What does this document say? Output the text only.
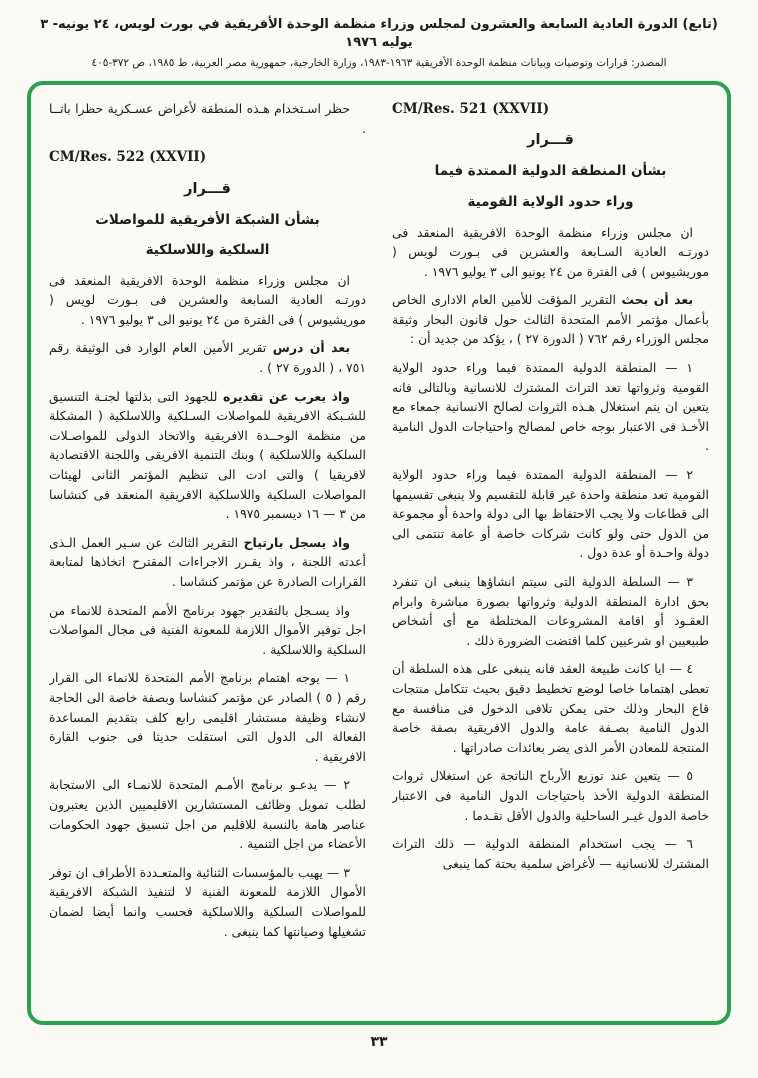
(تابع) الدورة العادية السابعة والعشرون لمجلس وزراء منظمة الوحدة الأفريقية في بورت لويس، ٢٤ يونيه- ٣ يوليه ١٩٧٦
المصدر: قرارات وتوصيات وبيانات منظمة الوحدة الأفريقية ١٩٦٣-١٩٨٣، وزارة الخارجية، جمهورية مصر العربية، ط ١٩٨٥، ص ٣٧٢-٤٠٥

CM/Res. 521 (XXVII)

قـــرار

بشأن المنطقة الدولية الممتدة فيما

وراء حدود الولاية القومية

ان مجلس وزراء منظمة الوحدة الافريقية المنعقد فى دورتـه العادية السـابعة والعشرين فى بـورت لويس ( موريشيوس ) فى الفترة من ٢٤ يونيو الى ٣ يوليو ١٩٧٦ .

بعد أن بحث التقرير المؤقت للأمين العام الادارى الخاص بأعمال مؤتمر الأمم المتحدة الثالث حول قانون البحار وثيقة مجلس الوزراء رقم ٧٦٢ ( الدورة ٢٧ ) ، يؤكد من جديد أن :

١ — المنطقة الدولية الممتدة فيما وراء حدود الولاية القومية وثرواتها تعد التراث المشترك للانسانية وبالتالى فانه يتعين ان يتم استغلال هـذه الثروات لصالح الانسانية جمعاء مع الأخـذ فى الاعتبار بوجه خاص لمصالح واحتياجات الدول النامية .

٢ — المنطقة الدولية الممتدة فيما وراء حدود الولاية القومية تعد منطقة واحدة غير قابلة للتقسيم ولا ينبغى تقسيمها الى قطاعات ولا يجب الاحتفاظ بها الى دولة واحدة أو مجموعة من الدول حتى ولو كانت شركات خاصة أو عامة تنتمى الى دولة واحـدة أو عدة دول .

٣ — السلطة الدولية التى سيتم انشاؤها ينبغى ان تنفرد بحق ادارة المنطقة الدولية وثرواتها بصورة مباشرة وابرام العقـود أو اقامة المشروعات المختلطة مع أى أشخاص طبيعيين او شرعيين كلما اقتضت الضرورة ذلك .

٤ — ايا كانت طبيعة العقد فانه ينبغى على هذه السلطة أن تعطى اهتماما خاصا لوضع تخطيط دقيق بحيث تتكامل منتجات قاع البحار وذلك حتى يمكن تلافى الدخول فى منافسة مع الدول النامية بصـفة عامة والدول الافريقية بصفة خاصة المنتجة للمعادن الأمر الذى يضر بعائدات صادراتها .

٥ — يتعين عند توزيع الأرباح الناتجة عن استغلال ثروات المنطقة الدولية الأخذ باحتياجات الدول النامية فى الاعتبار خاصة الدول غيـر الساحلية والدول الأقل تقـدما .

٦ — يجب استخدام المنطقة الدولية — ذلك التراث المشترك للانسانية — لأغراض سلمية بحتة كما ينبغى

حظر اسـتخدام هـذه المنطقة لأغراض عسـكرية حظرا باتــا .

CM/Res. 522 (XXVII)

قـــرار

بشأن الشبكة الأفريقية للمواصلات

السلكية واللاسلكية

ان مجلس وزراء منظمة الوحدة الافريقية المنعقد فى دورتـه العادية السابعة والعشرين فى بـورت لويس ( موريشيوس ) فى الفترة من ٢٤ يونيو الى ٣ يوليو ١٩٧٦ .

بعد أن درس تقرير الأمين العام الوارد فى الوثيقة رقم ٧٥١ ، ( الدورة ٢٧ ) .

واذ يعرب عن تقديره للجهود التى بذلتها لجنـة التنسيق للشـبكة الافريقية للمواصلات السـلكية واللاسلكية ( المشكلة من منظمة الوحــدة الافريقية والاتحاد الدولى للمواصـلات السلكية واللاسلكية ) وبنك التنمية الافريقى واللجنة الاقتصادية لافريقيا ) والتى ادت الى تنظيم المؤتمر الثانى لهيئات المواصلات السلكية واللاسلكية الافريقية المنعقد فى كنشاسا من ٣ — ١٦ ديسمبر ١٩٧٥ .

واذ يسجل بارتياح التقرير الثالث عن سـير العمل الـذى أعدته اللجنة ، واذ يقـرر الاجراءات المقترح اتخاذها لمتابعة القرارات الصادرة عن مؤتمر كنشاسا .

واذ يسـجل بالتقدير جهود برنامج الأمم المتحدة للانماء من اجل توفير الأموال اللازمة للمعونة الفنية فى مجال المواصلات السلكية واللاسلكية .

١ — يوجه اهتمام برنامج الأمم المتحدة للانماء الى القرار رقم ( ٥ ) الصادر عن مؤتمر كنشاسا وبصفة خاصة الى الحاجة لانشاء وظيفة مستشار اقليمى رابع كلف بتقديم المساعدة الفعالة الى الدول التى استقلت حديثا فى جنوب القارة الافريقية .

٢ — يدعـو برنامج الأمـم المتحدة للانمـاء الى الاستجابة لطلب تمويل وظائف المستشارين الاقليميين الذين يعتبرون عناصر هامة بالنسبة للاقليم من اجل تنسيق جهود الحكومات الأعضاء من اجل التنمية .

٣ — يهيب بالمؤسسات الثنائية والمتعـددة الأطراف ان توفر الأموال اللازمة للمعونة الفنية لا لتنفيذ الشبكة الافريقية للمواصلات السلكية واللاسلكية فحسب وانما أيضا لضمان تشغيلها وصيانتها كما ينبغى .

٣٣
